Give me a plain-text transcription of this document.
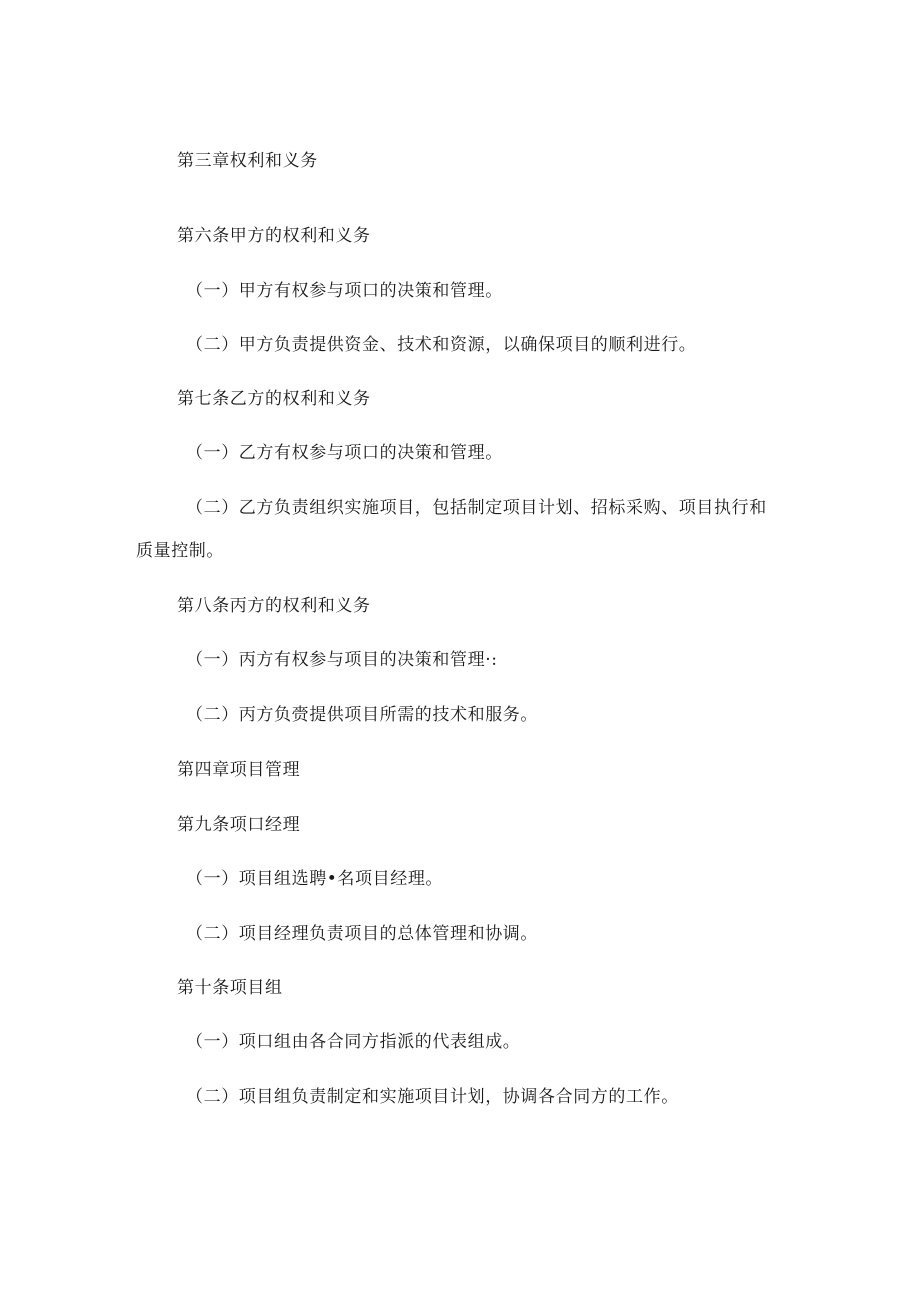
第三章权利和义务
第六条甲方的权利和义务
（一）甲方有权参与项口的决策和管理。
（二）甲方负责提供资金、技术和资源，以确保项目的顺利进行。
第七条乙方的权利和义务
（一）乙方有权参与项口的决策和管理。
（二）乙方负责组织实施项目，包括制定项目计划、招标采购、项目执行和
质量控制。
第八条丙方的权利和义务
（一）丙方有权参与项目的决策和管理·:
（二）丙方负赍提供项目所需的技术和服务。
第四章项目管理
第九条项口经理
（一）项目组选聘•名项目经理。
（二）项目经理负责项目的总体管理和协调。
第十条项目组
（一）项口组由各合同方指派的代表组成。
（二）项目组负责制定和实施项目计划，协调各合同方的工作。
